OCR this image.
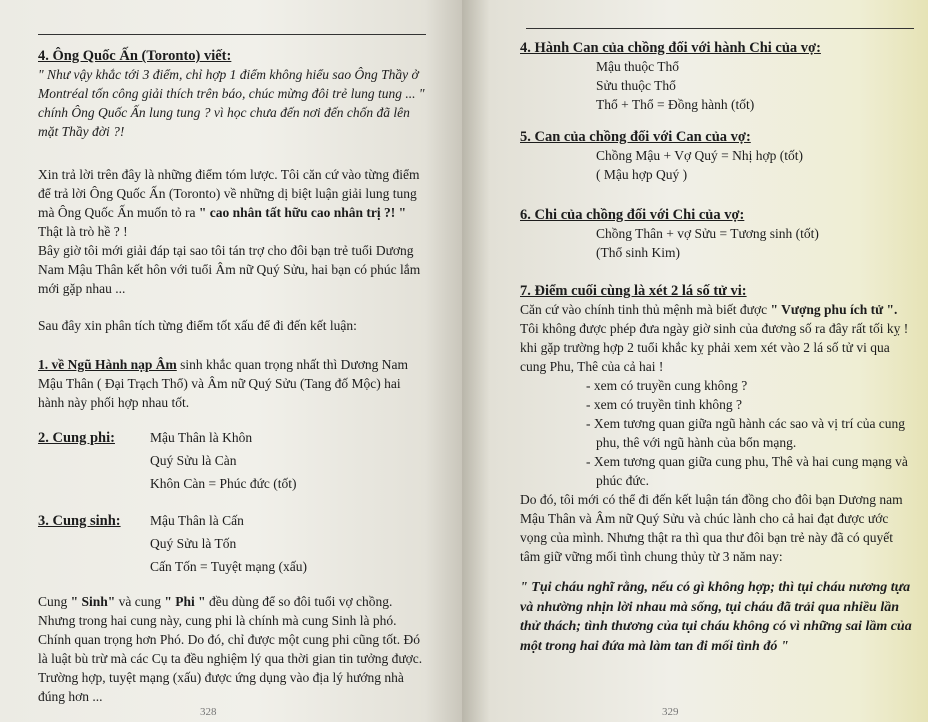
4. Ông Quốc Ấn (Toronto) viết:
" Như vậy khắc tới 3 điểm, chỉ hợp 1 điểm không hiểu sao Ông Thầy ở Montréal tốn công giải thích trên báo, chúc mừng đôi trẻ lung tung ... " chính Ông Quốc Ấn lung tung ? vì học chưa đến nơi đến chốn đã lên mặt Thầy đời ?!
Xin trả lời trên đây là những điểm tóm lược. Tôi căn cứ vào từng điểm để trả lời Ông Quốc Ấn (Toronto) về những dị biệt luận giải lung tung mà Ông Quốc Ấn muốn tỏ ra " cao nhân tất hữu cao nhân trị ?! " Thật là trò hề ? !
Bây giờ tôi mới giải đáp tại sao tôi tán trợ cho đôi bạn trẻ tuổi Dương Nam Mậu Thân kết hôn với tuổi Âm nữ Quý Sửu, hai bạn có phúc lắm mới gặp nhau ...
Sau đây xin phân tích từng điểm tốt xấu để đi đến kết luận:
1. về Ngũ Hành nạp Âm sinh khắc quan trọng nhất thì Dương Nam Mậu Thân ( Đại Trạch Thổ) và Âm nữ Quý Sửu (Tang đố Mộc) hai hành này phối hợp nhau tốt.
2. Cung phi:	Mậu Thân là Khôn
Quý Sửu là Càn
Khôn Càn = Phúc đức (tốt)
3. Cung sinh:	Mậu Thân là Cấn
Quý Sửu là Tốn
Cấn Tốn = Tuyệt mạng (xấu)
Cung " Sinh" và cung " Phi " đều dùng để so đôi tuổi vợ chồng. Nhưng trong hai cung này, cung phi là chính mà cung Sinh là phó. Chính quan trọng hơn Phó. Do đó, chỉ được một cung phi cũng tốt. Đó là luật bù trừ mà các Cụ ta đều nghiệm lý qua thời gian tin tưởng được. Trường hợp, tuyệt mạng (xấu) được ứng dụng vào địa lý hướng nhà đúng hơn ...
328
4. Hành Can của chồng đối với hành Chi của vợ:
Mậu thuộc Thổ
Sửu thuộc Thổ
Thổ + Thổ = Đồng hành (tốt)
5. Can của chồng đối với Can của vợ:
Chồng Mậu + Vợ Quý = Nhị hợp (tốt)
( Mậu hợp Quý )
6. Chi của chồng đối với Chi của vợ:
Chồng Thân + vợ Sửu = Tương sinh (tốt)
(Thổ sinh Kim)
7. Điểm cuối cùng là xét 2 lá số tử vi:
Căn cứ vào chính tinh thủ mệnh mà biết được " Vượng phu ích tử ". Tôi không được phép đưa ngày giờ sinh của đương số ra đây rất tối kỵ ! khi gặp trường hợp 2 tuổi khắc kỵ phải xem xét vào 2 lá số tử vi qua cung Phu, Thê của cả hai !
- xem có truyền cung không ?
- xem có truyền tinh không ?
- Xem tương quan giữa ngũ hành các sao và vị trí của cung phu, thê với ngũ hành của bổn mạng.
- Xem tương quan giữa cung phu, Thê và hai cung mạng và phúc đức.
Do đó, tôi mới có thể đi đến kết luận tán đồng cho đôi bạn Dương nam Mậu Thân và Âm nữ Quý Sửu và chúc lành cho cả hai đạt được ước vọng của mình. Nhưng thật ra thì qua thư đôi bạn trẻ này đã có quyết tâm giữ vững mối tình chung thủy từ 3 năm nay:
" Tụi cháu nghĩ rằng, nếu có gì không hợp; thì tụi cháu nương tựa và nhường nhịn lời nhau mà sống, tụi cháu đã trải qua nhiều lần thử thách; tình thương của tụi cháu không có vì những sai lầm của một trong hai đứa mà làm tan đi mối tình đó "
329
